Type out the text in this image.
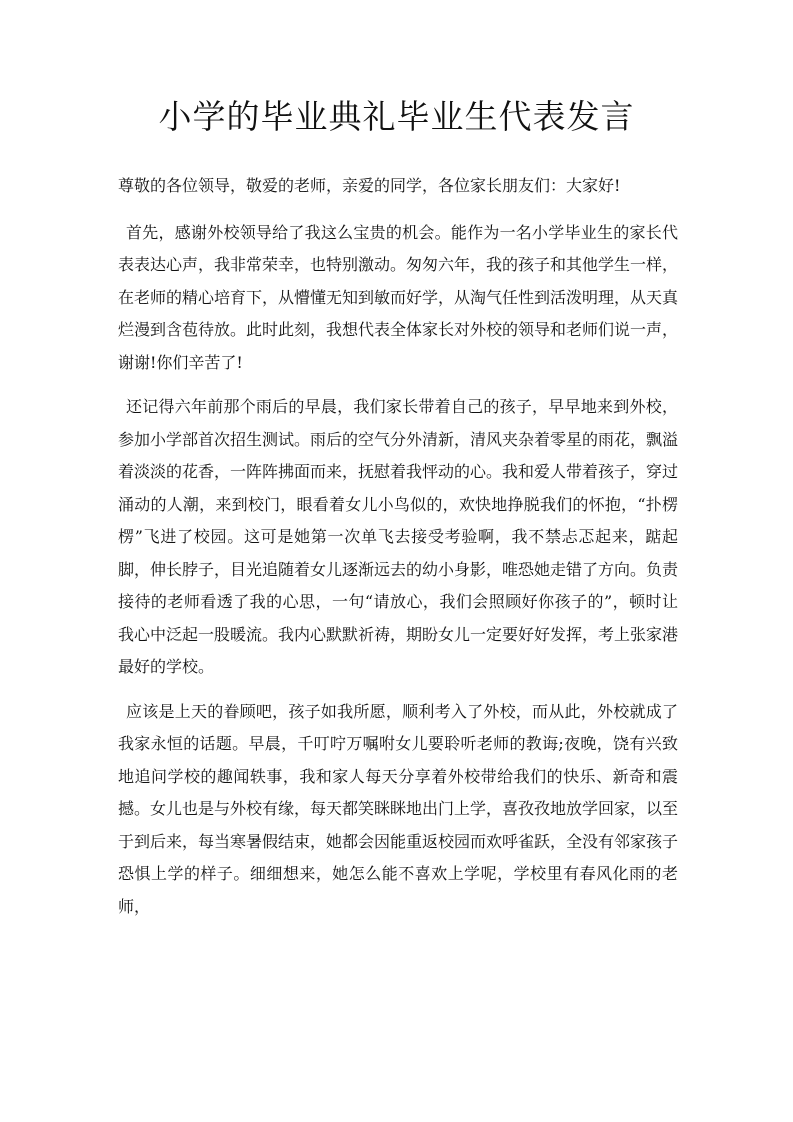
小学的毕业典礼毕业生代表发言

尊敬的各位领导，敬爱的老师，亲爱的同学，各位家长朋友们：大家好!

首先，感谢外校领导给了我这么宝贵的机会。能作为一名小学毕业生的家长代表表达心声，我非常荣幸，也特别激动。匆匆六年，我的孩子和其他学生一样，在老师的精心培育下，从懵懂无知到敏而好学，从淘气任性到活泼明理，从天真烂漫到含苞待放。此时此刻，我想代表全体家长对外校的领导和老师们说一声，谢谢!你们辛苦了!

还记得六年前那个雨后的早晨，我们家长带着自己的孩子，早早地来到外校，参加小学部首次招生测试。雨后的空气分外清新，清风夹杂着零星的雨花，飘溢着淡淡的花香，一阵阵拂面而来，抚慰着我怦动的心。我和爱人带着孩子，穿过涌动的人潮，来到校门，眼看着女儿小鸟似的，欢快地挣脱我们的怀抱，“扑楞楞”飞进了校园。这可是她第一次单飞去接受考验啊，我不禁忐忑起来，踮起脚，伸长脖子，目光追随着女儿逐渐远去的幼小身影，唯恐她走错了方向。负责接待的老师看透了我的心思，一句“请放心，我们会照顾好你孩子的”，顿时让我心中泛起一股暖流。我内心默默祈祷，期盼女儿一定要好好发挥，考上张家港最好的学校。

应该是上天的眷顾吧，孩子如我所愿，顺利考入了外校，而从此，外校就成了我家永恒的话题。早晨，千叮咛万嘱咐女儿要聆听老师的教诲;夜晚，饶有兴致地追问学校的趣闻轶事，我和家人每天分享着外校带给我们的快乐、新奇和震撼。女儿也是与外校有缘，每天都笑眯眯地出门上学，喜孜孜地放学回家，以至于到后来，每当寒暑假结束，她都会因能重返校园而欢呼雀跃，全没有邻家孩子恐惧上学的样子。细细想来，她怎么能不喜欢上学呢，学校里有春风化雨的老师，
